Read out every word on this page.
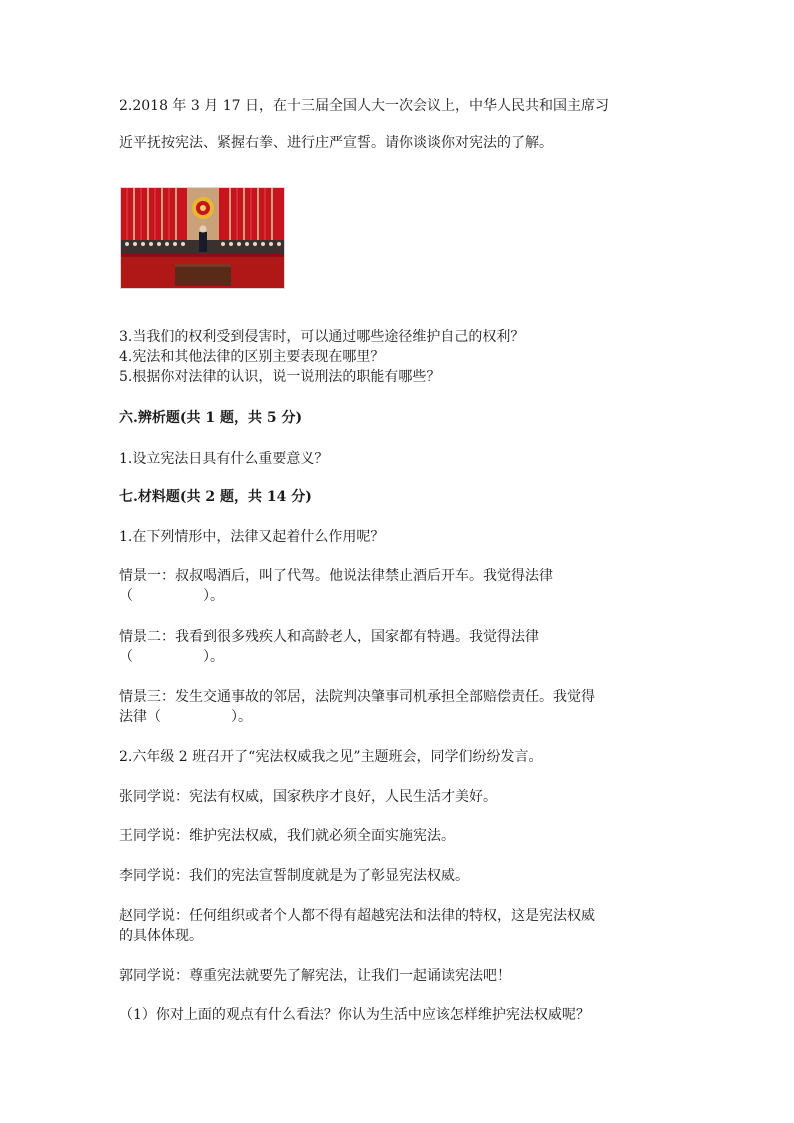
2.2018 年 3 月 17 日，在十三届全国人大一次会议上，中华人民共和国主席习
近平抚按宪法、紧握右拳、进行庄严宣誓。请你谈谈你对宪法的了解。
3.当我们的权利受到侵害时，可以通过哪些途径维护自己的权利？
4.宪法和其他法律的区别主要表现在哪里？
5.根据你对法律的认识，说一说刑法的职能有哪些？
六.辨析题(共 1 题，共 5 分)
1.设立宪法日具有什么重要意义？
七.材料题(共 2 题，共 14 分)
1.在下列情形中，法律又起着什么作用呢？
情景一：叔叔喝酒后，叫了代驾。他说法律禁止酒后开车。我觉得法律
（　　　　　）。
情景二：我看到很多残疾人和高龄老人，国家都有特遇。我觉得法律
（　　　　　）。
情景三：发生交通事故的邻居，法院判决肇事司机承担全部赔偿责任。我觉得
法律（　　　　　）。
2.六年级 2 班召开了“宪法权威我之见”主题班会，同学们纷纷发言。
张同学说：宪法有权威，国家秩序才良好，人民生活才美好。
王同学说：维护宪法权威，我们就必须全面实施宪法。
李同学说：我们的宪法宣誓制度就是为了彰显宪法权威。
赵同学说：任何组织或者个人都不得有超越宪法和法律的特权，这是宪法权威
的具体体现。
郭同学说：尊重宪法就要先了解宪法，让我们一起诵读宪法吧！
（1）你对上面的观点有什么看法？你认为生活中应该怎样维护宪法权威呢？
